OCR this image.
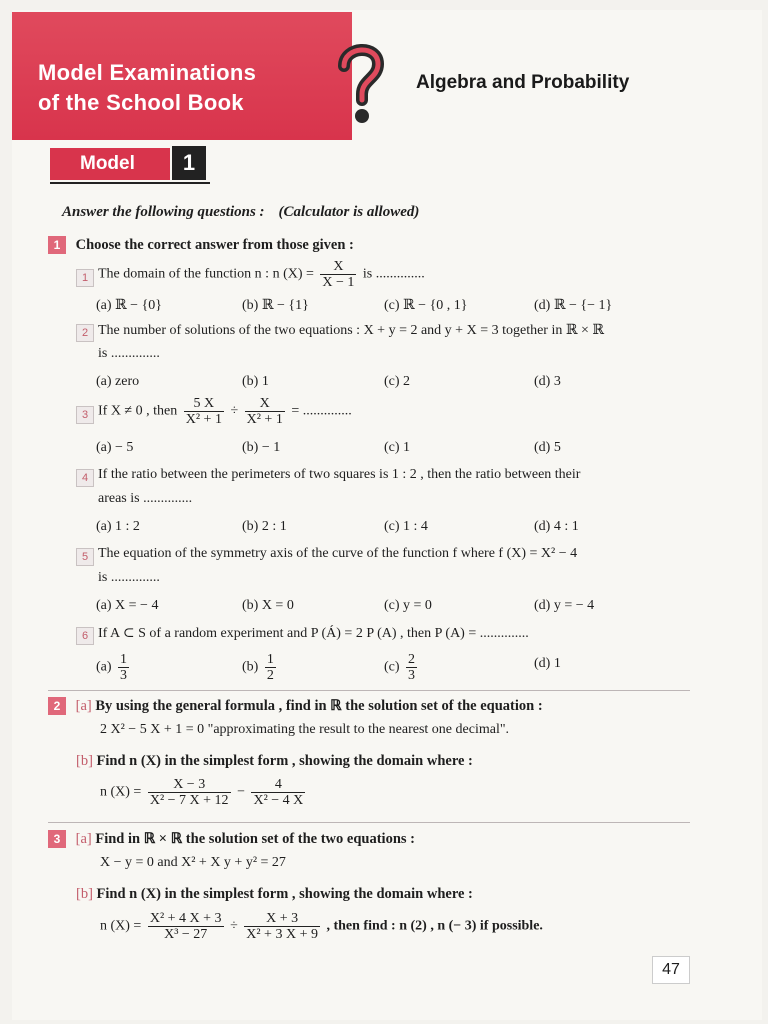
Model Examinations
of the School Book
Algebra and Probability
Model	1
Answer the following questions : (Calculator is allowed)
1 Choose the correct answer from those given :
1 The domain of the function n : n $(X) = \frac{X}{X - 1}$ is ..............
(a) ℝ − {0}	(b) ℝ − {1}	(c) ℝ − {0 , 1}	(d) ℝ − {− 1}
2 The number of solutions of the two equations : X + y = 2 and y + X = 3 together in ℝ × ℝ
is ..............
(a) zero	(b) 1	(c) 2	(d) 3
3 If X ≠ 0 , then $\frac{5 X}{\text{X² + 1}} \div \frac{X}{\text{X² + 1}}$ = ..............
(a) − 5	(b) − 1	(c) 1	(d) 5
4 If the ratio between the perimeters of two squares is 1 : 2 , then the ratio between their
areas is ..............
(a) 1 : 2	(b) 2 : 1	(c) 1 : 4	(d) 4 : 1
5 The equation of the symmetry axis of the curve of the function f where f (X) = X² − 4
is ..............
(a) X = − 4	(b) X = 0	(c) y = 0	(d) y = − 4
6 If A ⊂ S of a random experiment and P (Á) = 2 P (A) , then P (A) = ..............
$(a) \frac{1}{3}$	$(b) \frac{1}{2}$	$(c) \frac{2}{3}$	(d) 1
2 [a] By using the general formula , find in ℝ the solution set of the equation :
2 X² − 5 X + 1 = 0 "approximating the result to the nearest one decimal".
[b] Find n (X) in the simplest form , showing the domain where :
n $(X) = \frac{X - 3}{\text{X² − 7 X + 12}} - \frac{4}{\text{X² − 4 X}}$
3 [a] Find in ℝ × ℝ the solution set of the two equations :
X − y = 0 and X² + X y + y² = 27
[b] Find n (X) in the simplest form , showing the domain where :
n $(X) = \frac{\text{X² + 4 X + 3}}{\text{X³ − 27}} \div \frac{X + 3}{\text{X² + 3 X + 9}}$ , then find : n (2) , n (− 3) if possible.
47
